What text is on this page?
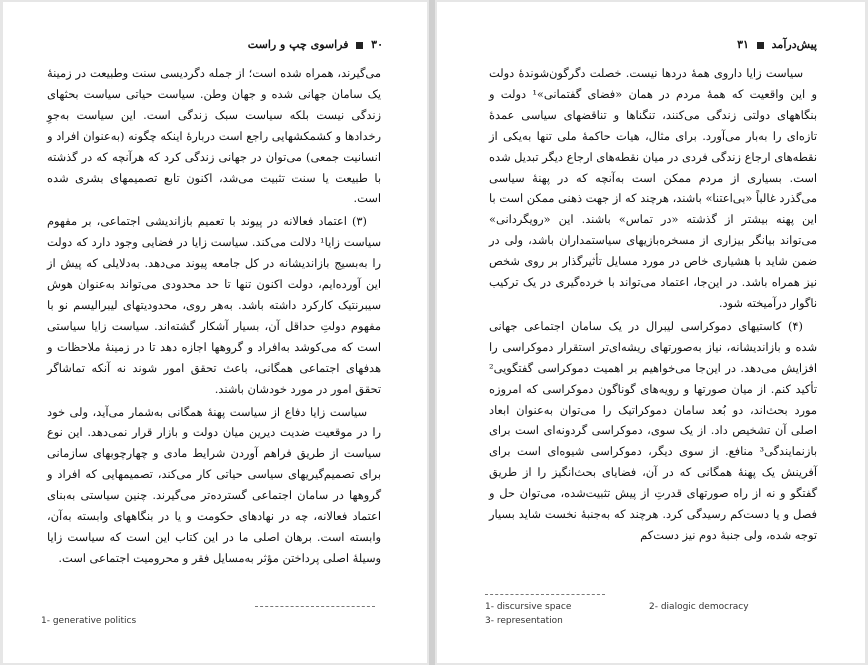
۳۰  فراسوی چپ و راست

می‌گیرند، همراه شده است؛ از جمله دگردیسی سنت وطبیعت در زمینهٔ یک سامان جهانی شده و جهان وطن. سیاست حیاتی سیاست بحثهای زندگی نیست بلکه سیاست سبک زندگی است. این سیاست به‌جوِ رخدادها و کشمکشهایی راجع است دربارهٔ اینکه چگونه (به‌عنوان افراد و انسانیت جمعی) می‌توان در جهانی زندگی کرد که هرآنچه که در گذشته با طبیعت یا سنت تثبیت می‌شد، اکنون تابع تصمیمهای بشری شده است.

(۳) اعتماد فعالانه در پیوند با تعمیم بازاندیشی اجتماعی، بر مفهوم سیاست زایا¹ دلالت می‌کند. سیاست زایا در فضایی وجود دارد که دولت را به‌بسیج بازاندیشانه در کل جامعه پیوند می‌دهد. به‌دلایلی که پیش از این آورده‌ایم، دولت اکنون تنها تا حد محدودی می‌تواند به‌عنوان هوش سیبرنتیک کارکرد داشته باشد. به‌هر روی، محدودیتهای لیبرالیسم نو با مفهوم دولتِ حداقل آن، بسیار آشکار گشته‌اند. سیاست زایا سیاستی است که می‌کوشد به‌افراد و گروهها اجازه دهد تا در زمینهٔ ملاحظات و هدفهای اجتماعی همگانی، باعث تحقق امور شوند نه آنکه تماشاگر تحقق امور در مورد خودشان باشند.

سیاست زایا دفاع از سیاست پهنهٔ همگانی به‌شمار می‌آید، ولی خود را در موقعیت ضدیت دیرین میان دولت و بازار قرار نمی‌دهد. این نوع سیاست از طریق فراهم آوردن شرایط مادی و چهارچوبهای سازمانی برای تصمیم‌گیریهای سیاسی حیاتی کار می‌کند، تصمیمهایی که افراد و گروهها در سامان اجتماعی گسترده‌تر می‌گیرند. چنین سیاستی به‌بنای اعتماد فعالانه، چه در نهادهای حکومت و یا در بنگاههای وابسته به‌آن، وابسته است. برهان اصلی ما در این کتاب این است که سیاست زایا وسیلهٔ اصلی پرداختن مؤثر به‌مسایل فقر و محرومیت اجتماعی است.

1- generative politics
پیش‌درآمد  ۳۱

سیاست زایا داروی همهٔ دردها نیست. خصلت دگرگون‌شوندهٔ دولت و این واقعیت که همهٔ مردم در همان «فضای گفتمانی»¹ دولت و بنگاههای دولتی زندگی می‌کنند، تنگناها و تناقضهای سیاسی عمدهٔ تازه‌ای را به‌بار می‌آورد. برای مثال، هیات حاکمهٔ ملی تنها به‌یکی از نقطه‌های ارجاع زندگی فردی در میان نقطه‌های ارجاع دیگر تبدیل شده است. بسیاری از مردم ممکن است به‌آنچه که در پهنهٔ سیاسی می‌گذرد غالباً «بی‌اعتنا» باشند، هرچند که از جهت ذهنی ممکن است با این پهنه بیشتر از گذشته «در تماس» باشند. این «رویگردانی» می‌تواند بیانگر بیزاری از مسخره‌بازیهای سیاستمداران باشد، ولی در ضمن شاید با هشیاری خاص در مورد مسایل تأثیرگذار بر روی شخص نیز همراه باشد. در این‌جا، اعتماد می‌تواند با خرده‌گیری در یک ترکیب ناگوار درآمیخته شود.

(۴) کاستیهای دموکراسی لیبرال در یک سامان اجتماعی جهانی شده و بازاندیشانه، نیاز به‌صورتهای ریشه‌ای‌تر استقرار دموکراسی را افزایش می‌دهد. در این‌جا می‌خواهیم بر اهمیت دموکراسی گفتگویی² تأکید کنم. از میان صورتها و رویه‌های گوناگون دموکراسی که امروزه مورد بحث‌اند، دو بُعد سامان دموکراتیک را می‌توان به‌عنوان ابعاد اصلی آن تشخیص داد. از یک سوی، دموکراسی گردونه‌ای است برای بازنمایندگی³ منافع. از سوی دیگر، دموکراسی شیوه‌ای است برای آفرینش یک پهنهٔ همگانی که در آن، فضایای بحث‌انگیز را از طریق گفتگو و نه از راه صورتهای قدرتِ از پیش تثبیت‌شده، می‌توان حل و فصل و یا دست‌کم رسیدگی کرد. هرچند که به‌جنبهٔ نخست شاید بسیار توجه شده، ولی جنبهٔ دوم نیز دست‌کم

1- discursive space	2- dialogic democracy
3- representation
